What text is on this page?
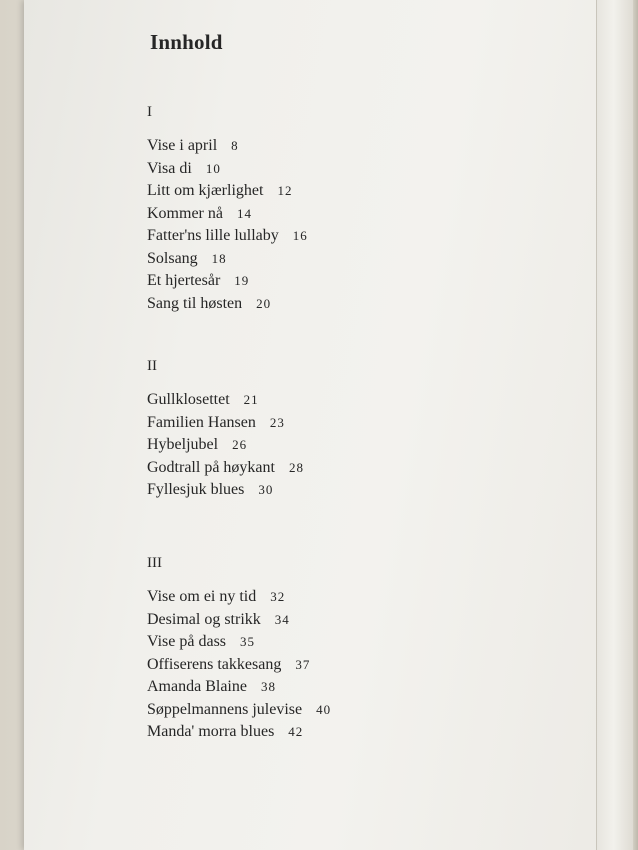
Innhold
I
Vise i april 8
Visa di 10
Litt om kjærlighet 12
Kommer nå 14
Fatter'ns lille lullaby 16
Solsang 18
Et hjertesår 19
Sang til høsten 20
II
Gullklosettet 21
Familien Hansen 23
Hybeljubel 26
Godtrall på høykant 28
Fyllesjuk blues 30
III
Vise om ei ny tid 32
Desimal og strikk 34
Vise på dass 35
Offiserens takkesang 37
Amanda Blaine 38
Søppelmannens julevise 40
Manda' morra blues 42
